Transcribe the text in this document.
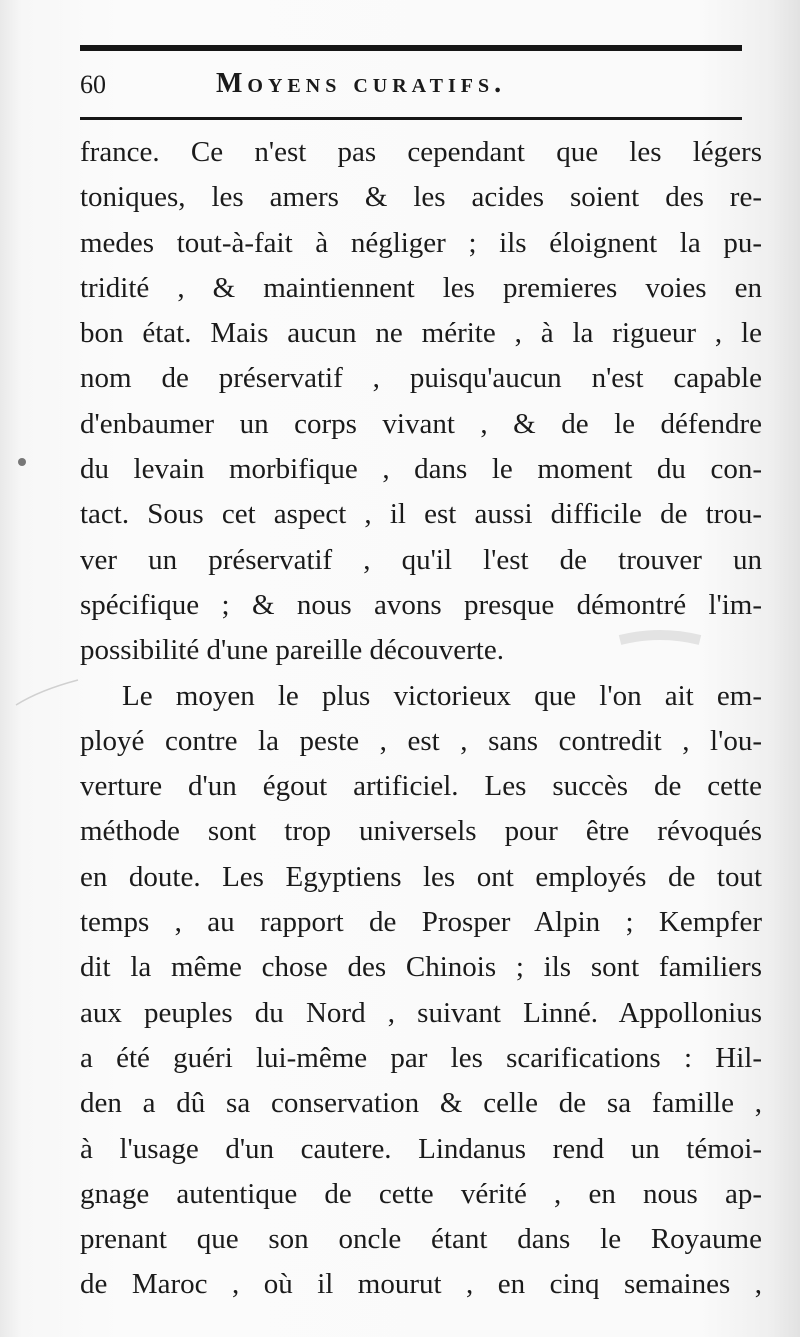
60	Moyens curatifs.
france. Ce n'est pas cependant que les légers
toniques, les amers & les acides soient des re-
medes tout-à-fait à négliger ; ils éloignent la pu-
tridité , & maintiennent les premieres voies en
bon état. Mais aucun ne mérite , à la rigueur , le
nom de préservatif , puisqu'aucun n'est capable
d'enbaumer un corps vivant , & de le défendre
du levain morbifique , dans le moment du con-
tact. Sous cet aspect , il est aussi difficile de trou-
ver un préservatif , qu'il l'est de trouver un
spécifique ; & nous avons presque démontré l'im-
possibilité d'une pareille découverte.
Le moyen le plus victorieux que l'on ait em-
ployé contre la peste , est , sans contredit , l'ou-
verture d'un égout artificiel. Les succès de cette
méthode sont trop universels pour être révoqués
en doute. Les Egyptiens les ont employés de tout
temps , au rapport de Prosper Alpin ; Kempfer
dit la même chose des Chinois ; ils sont familiers
aux peuples du Nord , suivant Linné. Appollonius
a été guéri lui-même par les scarifications : Hil-
den a dû sa conservation & celle de sa famille ,
à l'usage d'un cautere. Lindanus rend un témoi-
gnage autentique de cette vérité , en nous ap-
prenant que son oncle étant dans le Royaume
de Maroc , où il mourut , en cinq semaines ,
